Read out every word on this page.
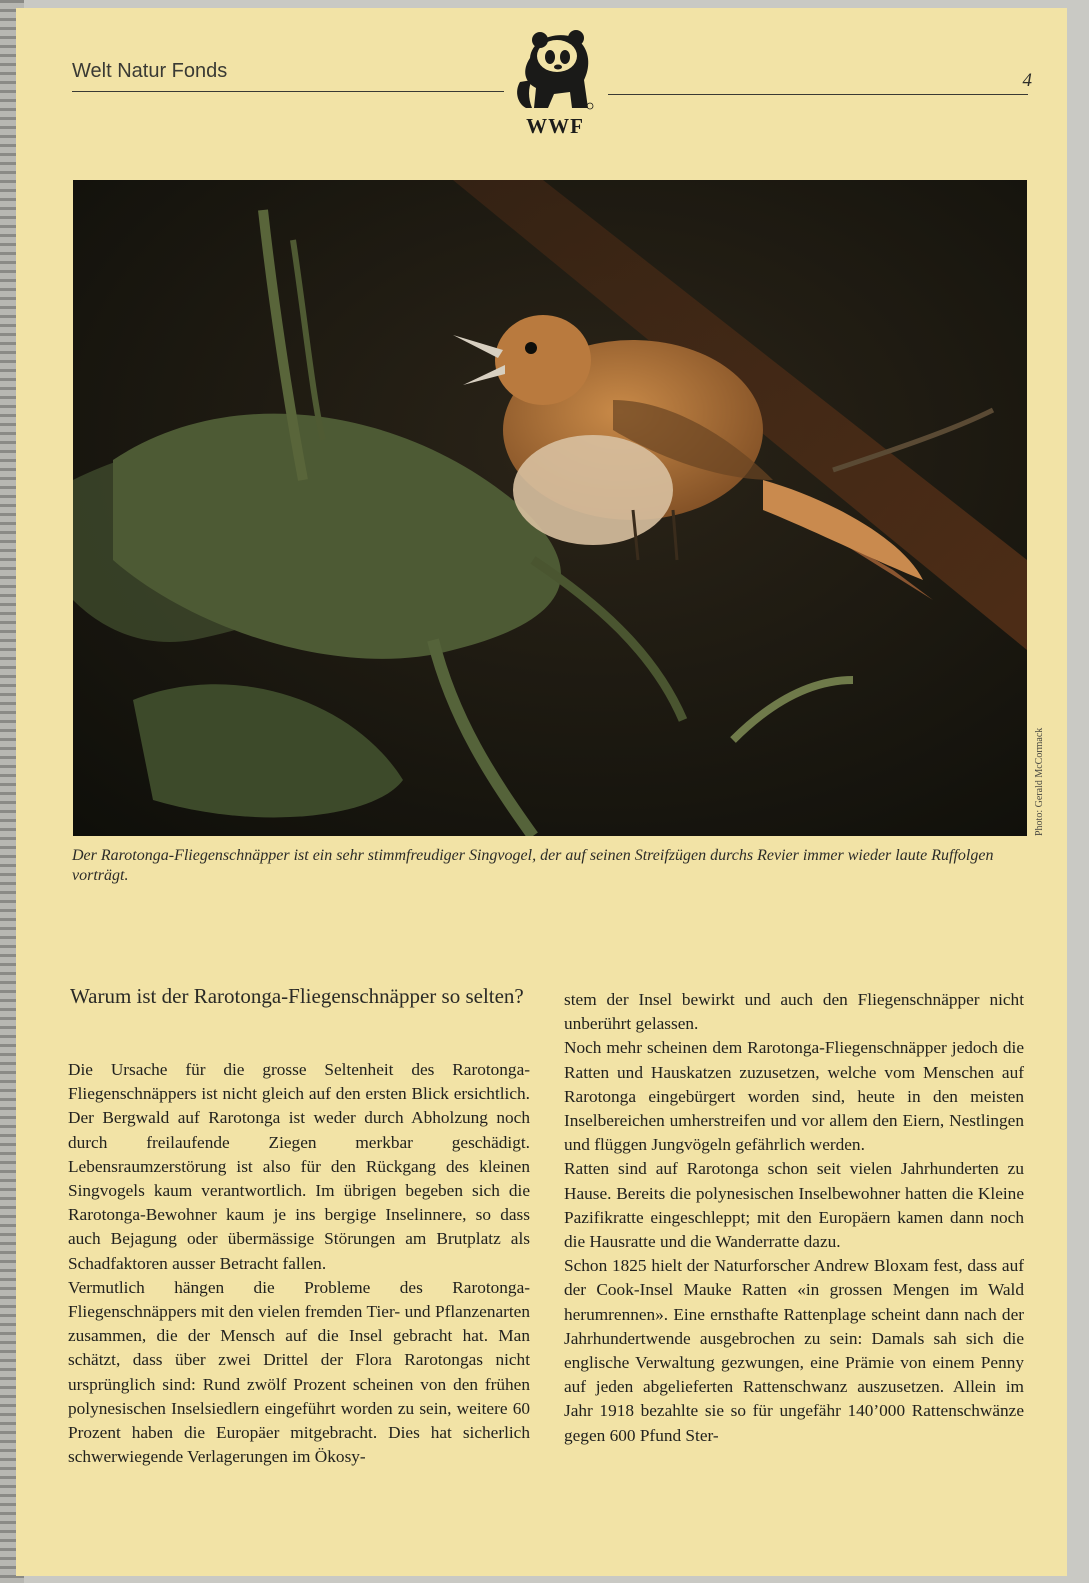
Welt Natur Fonds	4
WWF
Photo: Gerald McCormack
Der Rarotonga-Fliegenschnäpper ist ein sehr stimmfreudiger Singvogel, der auf seinen Streifzügen durchs Revier immer wieder laute Ruffolgen vorträgt.
Warum ist der Rarotonga-Fliegenschnäpper so selten?

Die Ursache für die grosse Seltenheit des Rarotonga-Fliegenschnäppers ist nicht gleich auf den ersten Blick ersichtlich. Der Bergwald auf Rarotonga ist weder durch Abholzung noch durch freilaufende Ziegen merkbar geschädigt. Lebensraumzerstörung ist also für den Rückgang des kleinen Singvogels kaum verantwortlich. Im übrigen begeben sich die Rarotonga-Bewohner kaum je ins bergige Inselinnere, so dass auch Bejagung oder übermässige Störungen am Brutplatz als Schadfaktoren ausser Betracht fallen.

Vermutlich hängen die Probleme des Rarotonga-Fliegenschnäppers mit den vielen fremden Tier- und Pflanzenarten zusammen, die der Mensch auf die Insel gebracht hat. Man schätzt, dass über zwei Drittel der Flora Rarotongas nicht ursprünglich sind: Rund zwölf Prozent scheinen von den frühen polynesischen Inselsiedlern eingeführt worden zu sein, weitere 60 Prozent haben die Europäer mitgebracht. Dies hat sicherlich schwerwiegende Verlagerungen im Ökosy-

stem der Insel bewirkt und auch den Fliegenschnäpper nicht unberührt gelassen.

Noch mehr scheinen dem Rarotonga-Fliegenschnäpper jedoch die Ratten und Hauskatzen zuzusetzen, welche vom Menschen auf Rarotonga eingebürgert worden sind, heute in den meisten Inselbereichen umherstreifen und vor allem den Eiern, Nestlingen und flüggen Jungvögeln gefährlich werden.

Ratten sind auf Rarotonga schon seit vielen Jahrhunderten zu Hause. Bereits die polynesischen Inselbewohner hatten die Kleine Pazifikratte eingeschleppt; mit den Europäern kamen dann noch die Hausratte und die Wanderratte dazu.

Schon 1825 hielt der Naturforscher Andrew Bloxam fest, dass auf der Cook-Insel Mauke Ratten «in grossen Mengen im Wald herumrennen». Eine ernsthafte Rattenplage scheint dann nach der Jahrhundertwende ausgebrochen zu sein: Damals sah sich die englische Verwaltung gezwungen, eine Prämie von einem Penny auf jeden abgelieferten Rattenschwanz auszusetzen. Allein im Jahr 1918 bezahlte sie so für ungefähr 140’000 Rattenschwänze gegen 600 Pfund Ster-
